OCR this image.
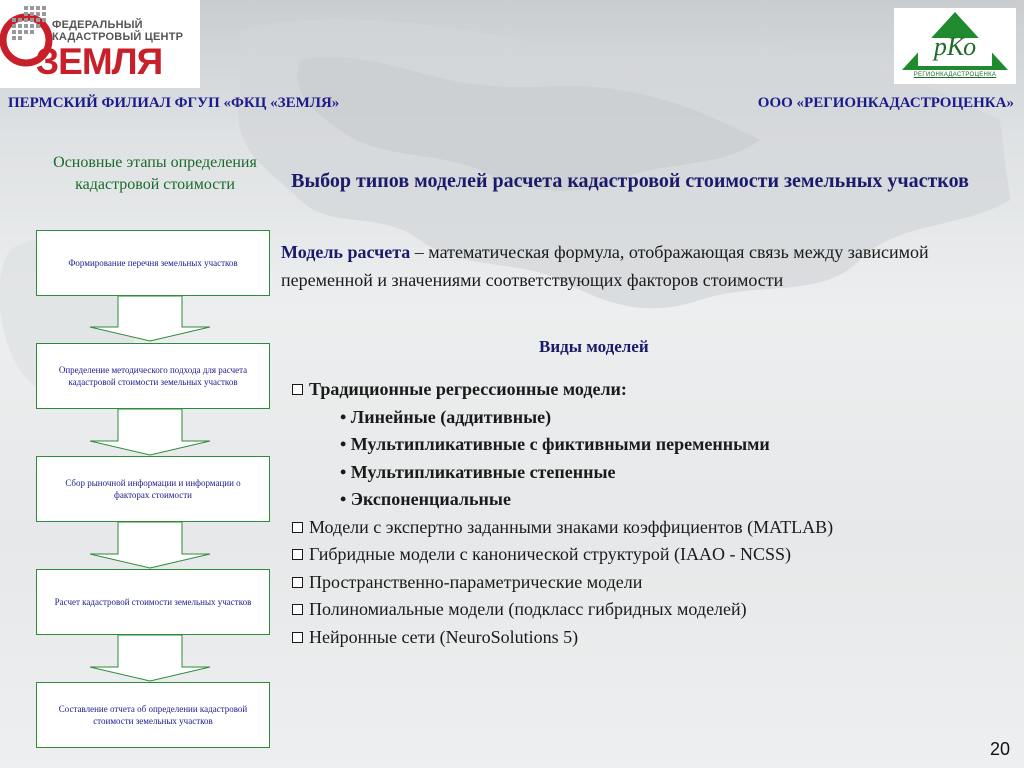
ФЕДЕРАЛЬНЫЙ
КАДАСТРОВЫЙ ЦЕНТР
ЗЕМЛЯ	рКо
РЕГИОНКАДАСТРОЦЕНКА
ПЕРМСКИЙ ФИЛИАЛ ФГУП «ФКЦ «ЗЕМЛЯ»	ООО «РЕГИОНКАДАСТРОЦЕНКА»
Основные этапы определения кадастровой стоимости
Формирование перечня земельных участков
Определение методического подхода для расчета кадастровой стоимости земельных участков
Сбор рыночной информации и информации о факторах стоимости
Расчет кадастровой стоимости земельных участков
Составление отчета об определении кадастровой стоимости земельных участков
Выбор типов моделей расчета кадастровой стоимости земельных участков
Модель расчета – математическая формула, отображающая связь между зависимой переменной и значениями соответствующих факторов стоимости
Виды моделей
Традиционные регрессионные модели:
• Линейные (аддитивные)
• Мультипликативные с фиктивными переменными
• Мультипликативные степенные
• Экспоненциальные
Модели с экспертно заданными знаками коэффициентов (MATLAB)
Гибридные модели с канонической структурой (IAAO - NCSS)
Пространственно-параметрические модели
Полиномиальные модели (подкласс гибридных моделей)
Нейронные сети (NeuroSolutions 5)
20
